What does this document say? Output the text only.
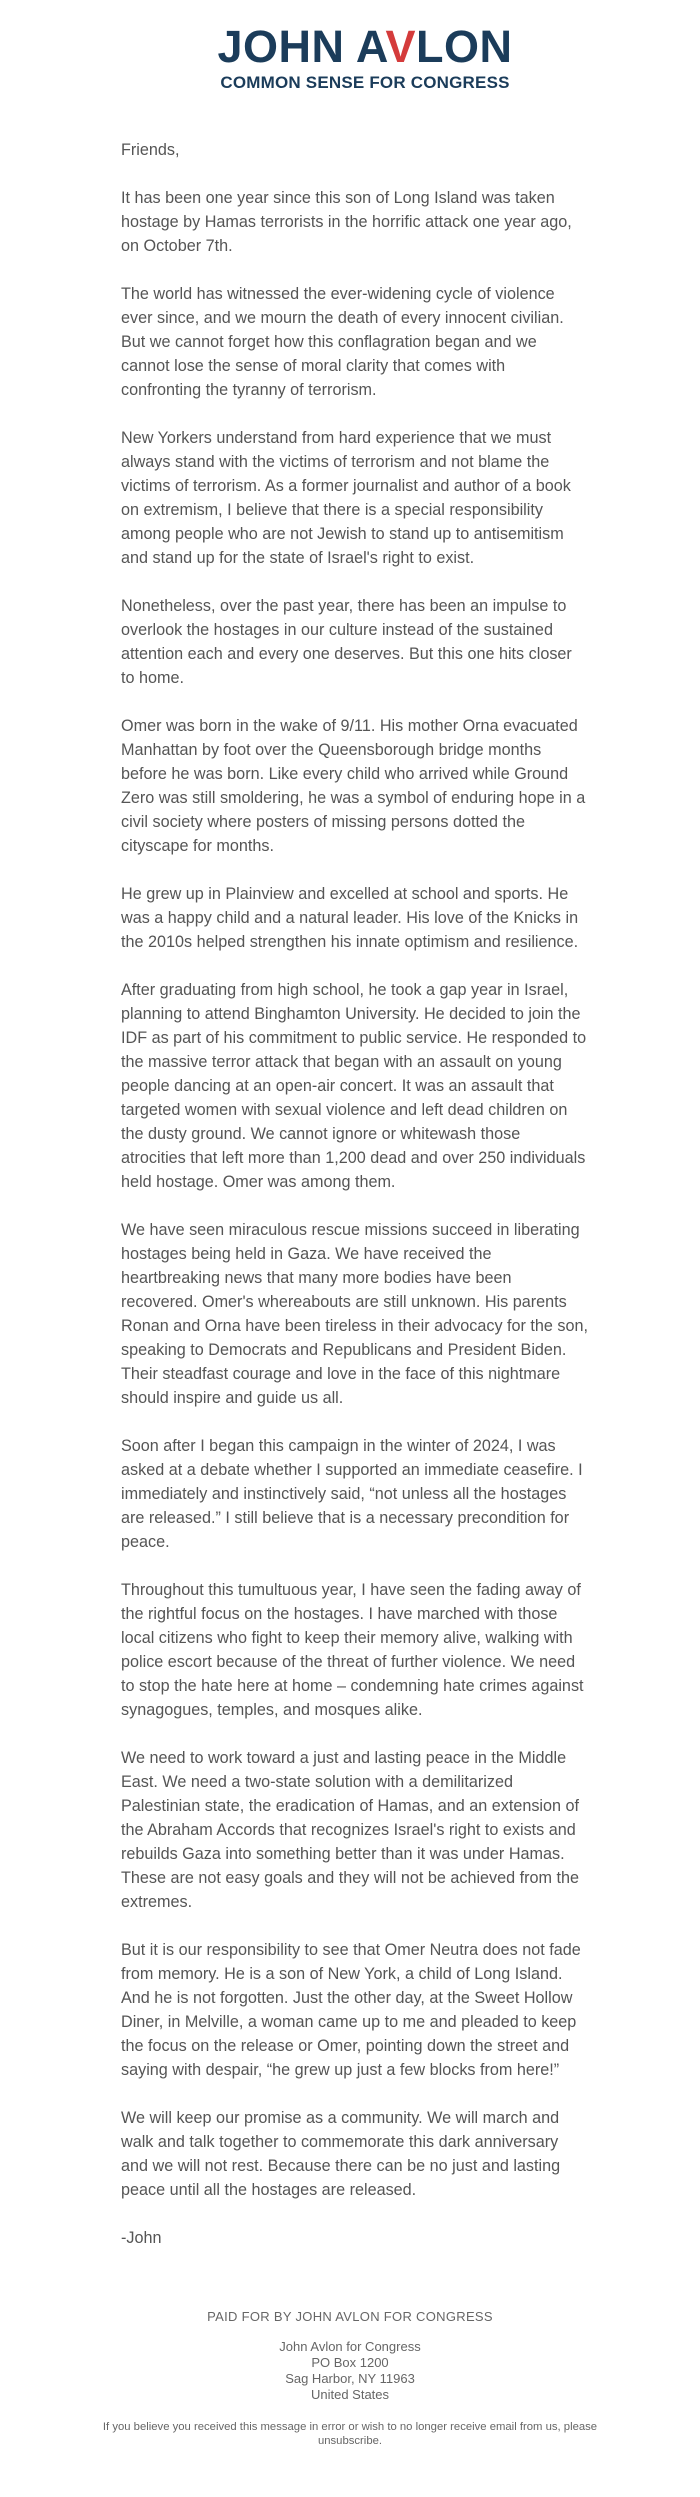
JOHN AVLON
COMMON SENSE FOR CONGRESS

Friends,

It has been one year since this son of Long Island was taken hostage by Hamas terrorists in the horrific attack one year ago, on October 7th.

The world has witnessed the ever-widening cycle of violence ever since, and we mourn the death of every innocent civilian. But we cannot forget how this conflagration began and we cannot lose the sense of moral clarity that comes with confronting the tyranny of terrorism.

New Yorkers understand from hard experience that we must always stand with the victims of terrorism and not blame the victims of terrorism. As a former journalist and author of a book on extremism, I believe that there is a special responsibility among people who are not Jewish to stand up to antisemitism and stand up for the state of Israel's right to exist.

Nonetheless, over the past year, there has been an impulse to overlook the hostages in our culture instead of the sustained attention each and every one deserves. But this one hits closer to home.

Omer was born in the wake of 9/11. His mother Orna evacuated Manhattan by foot over the Queensborough bridge months before he was born. Like every child who arrived while Ground Zero was still smoldering, he was a symbol of enduring hope in a civil society where posters of missing persons dotted the cityscape for months.

He grew up in Plainview and excelled at school and sports. He was a happy child and a natural leader. His love of the Knicks in the 2010s helped strengthen his innate optimism and resilience.

After graduating from high school, he took a gap year in Israel, planning to attend Binghamton University. He decided to join the IDF as part of his commitment to public service. He responded to the massive terror attack that began with an assault on young people dancing at an open-air concert. It was an assault that targeted women with sexual violence and left dead children on the dusty ground. We cannot ignore or whitewash those atrocities that left more than 1,200 dead and over 250 individuals held hostage. Omer was among them.

We have seen miraculous rescue missions succeed in liberating hostages being held in Gaza. We have received the heartbreaking news that many more bodies have been recovered. Omer's whereabouts are still unknown. His parents Ronan and Orna have been tireless in their advocacy for the son, speaking to Democrats and Republicans and President Biden. Their steadfast courage and love in the face of this nightmare should inspire and guide us all.

Soon after I began this campaign in the winter of 2024, I was asked at a debate whether I supported an immediate ceasefire. I immediately and instinctively said, “not unless all the hostages are released.” I still believe that is a necessary precondition for peace.

Throughout this tumultuous year, I have seen the fading away of the rightful focus on the hostages. I have marched with those local citizens who fight to keep their memory alive, walking with police escort because of the threat of further violence. We need to stop the hate here at home – condemning hate crimes against synagogues, temples, and mosques alike.

We need to work toward a just and lasting peace in the Middle East. We need a two-state solution with a demilitarized Palestinian state, the eradication of Hamas, and an extension of the Abraham Accords that recognizes Israel's right to exists and rebuilds Gaza into something better than it was under Hamas. These are not easy goals and they will not be achieved from the extremes.

But it is our responsibility to see that Omer Neutra does not fade from memory. He is a son of New York, a child of Long Island. And he is not forgotten. Just the other day, at the Sweet Hollow Diner, in Melville, a woman came up to me and pleaded to keep the focus on the release or Omer, pointing down the street and saying with despair, “he grew up just a few blocks from here!”

We will keep our promise as a community. We will march and walk and talk together to commemorate this dark anniversary and we will not rest. Because there can be no just and lasting peace until all the hostages are released.

-John

PAID FOR BY JOHN AVLON FOR CONGRESS
John Avlon for Congress
PO Box 1200
Sag Harbor, NY 11963
United States
If you believe you received this message in error or wish to no longer receive email from us, please unsubscribe.
